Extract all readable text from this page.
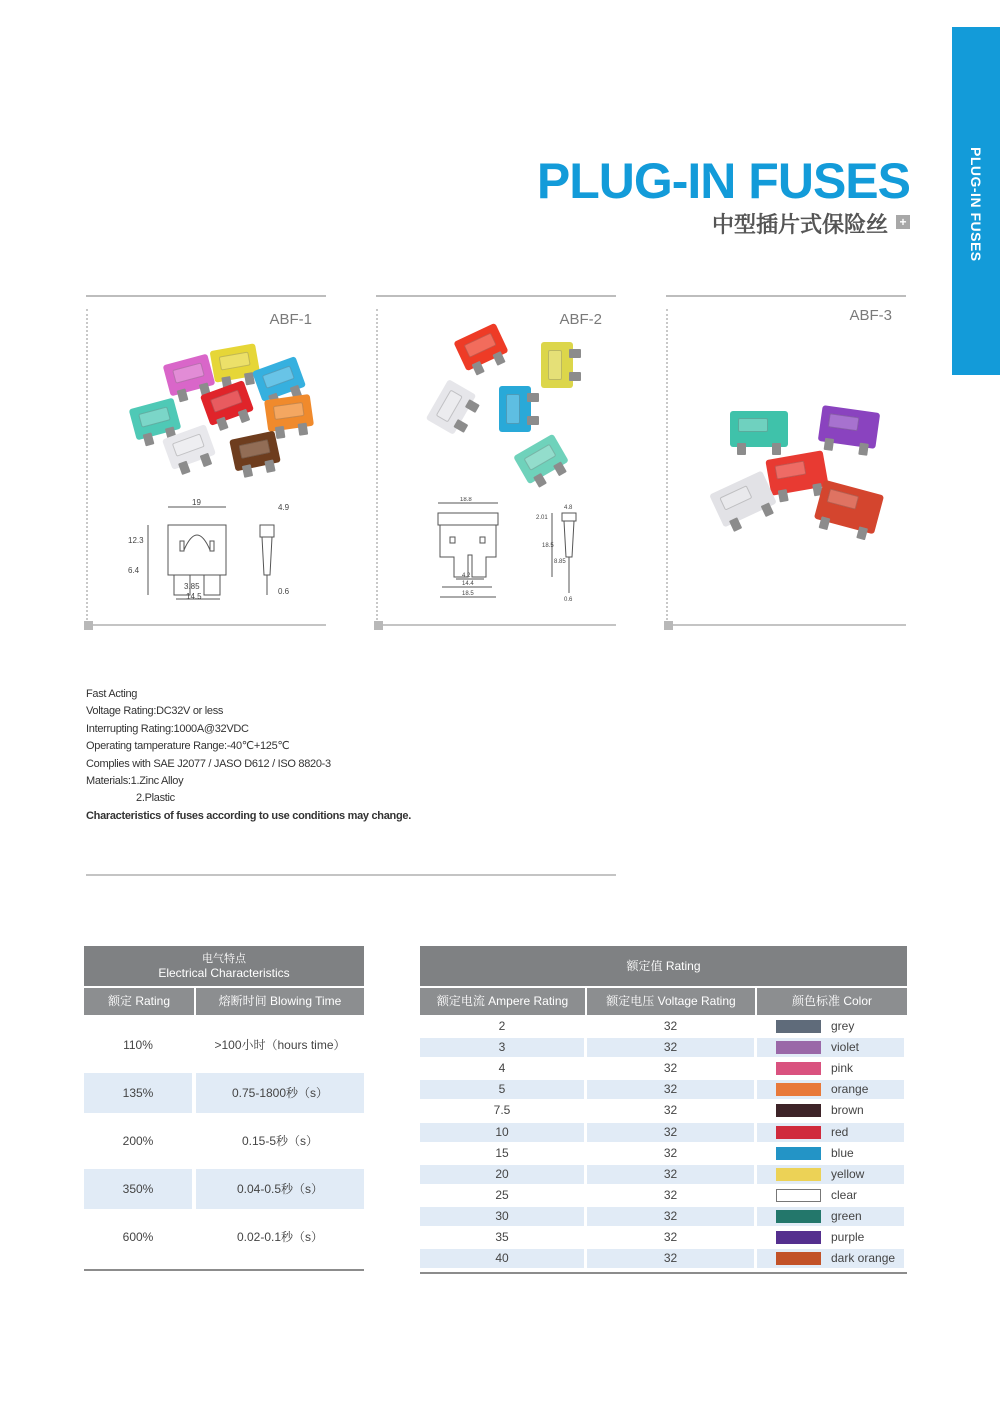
PLUG-IN FUSES
PLUG-IN FUSES
中型插片式保险丝 +
ABF-1
19
12.3
6.4
3.85
14.5
4.9
0.6
ABF-2
18.8
4.2
14.4
18.5
4.8
2.01
18.5
8.85
0.6
ABF-3
Fast Acting
Voltage Rating:DC32V or less
Interrupting Rating:1000A@32VDC
Operating tamperature Range:-40℃+125℃
Complies with SAE J2077 / JASO D612 / ISO 8820-3
Materials:1.Zinc Alloy
2.Plastic
Characteristics of fuses according to use conditions may change.
电气特点
Electrical Characteristics
额定 Rating	熔断时间 Blowing Time
110%	>100小时（hours time）
135%	0.75-1800秒（s）
200%	0.15-5秒（s）
350%	0.04-0.5秒（s）
600%	0.02-0.1秒（s）
额定值 Rating
额定电流 Ampere Rating	额定电压 Voltage Rating	颜色标准 Color
2	32	grey
3	32	violet
4	32	pink
5	32	orange
7.5	32	brown
10	32	red
15	32	blue
20	32	yellow
25	32	clear
30	32	green
35	32	purple
40	32	dark orange
